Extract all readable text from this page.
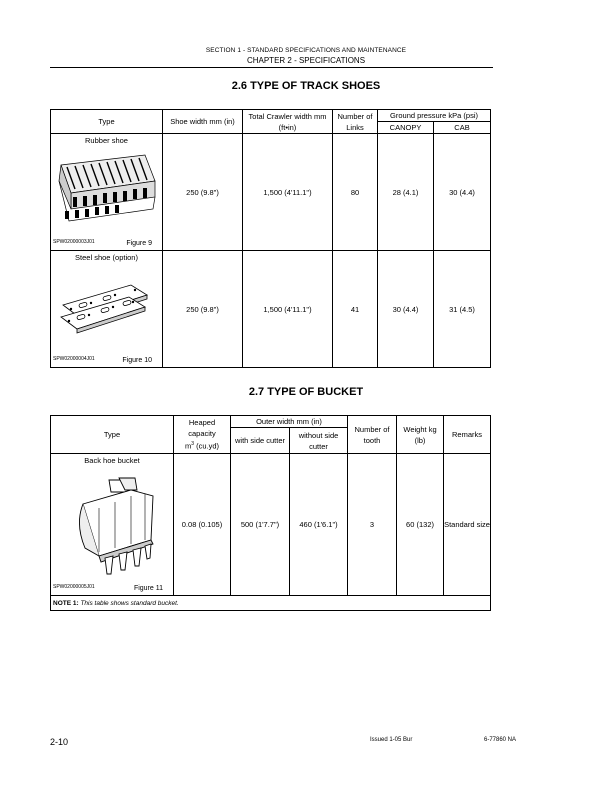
SECTION 1 - STANDARD SPECIFICATIONS AND MAINTENANCE
CHAPTER 2 - SPECIFICATIONS
2.6 TYPE OF TRACK SHOES
Type	Shoe width mm (in)	Total Crawler width mm (ft•in)	Number of Links	Ground pressure kPa (psi)	
				CANOPY	CAB

Rubber shoe
SPW02000003J01 Figure 9	250 (9.8")	1,500 (4'11.1")	80	28 (4.1)	30 (4.4)

Steel shoe (option)
SPW02000004J01 Figure 10	250 (9.8")	1,500 (4'11.1")	41	30 (4.4)	31 (4.5)
2.7 TYPE OF BUCKET
Type	Heaped
capacity
$m^3$ (cu.yd)	Outer width mm (in)		Number of tooth	Weight kg (lb)	Remarks
		with side cutter	without side cutter			

Back hoe bucket
SPW02000005J01 Figure 11	0.08 (0.105)	500 (1'7.7")	460 (1'6.1")	3	60 (132)	Standard size
NOTE 1: This table shows standard bucket.						
2-10	Issued 1-05 Bur	6-77860 NA
